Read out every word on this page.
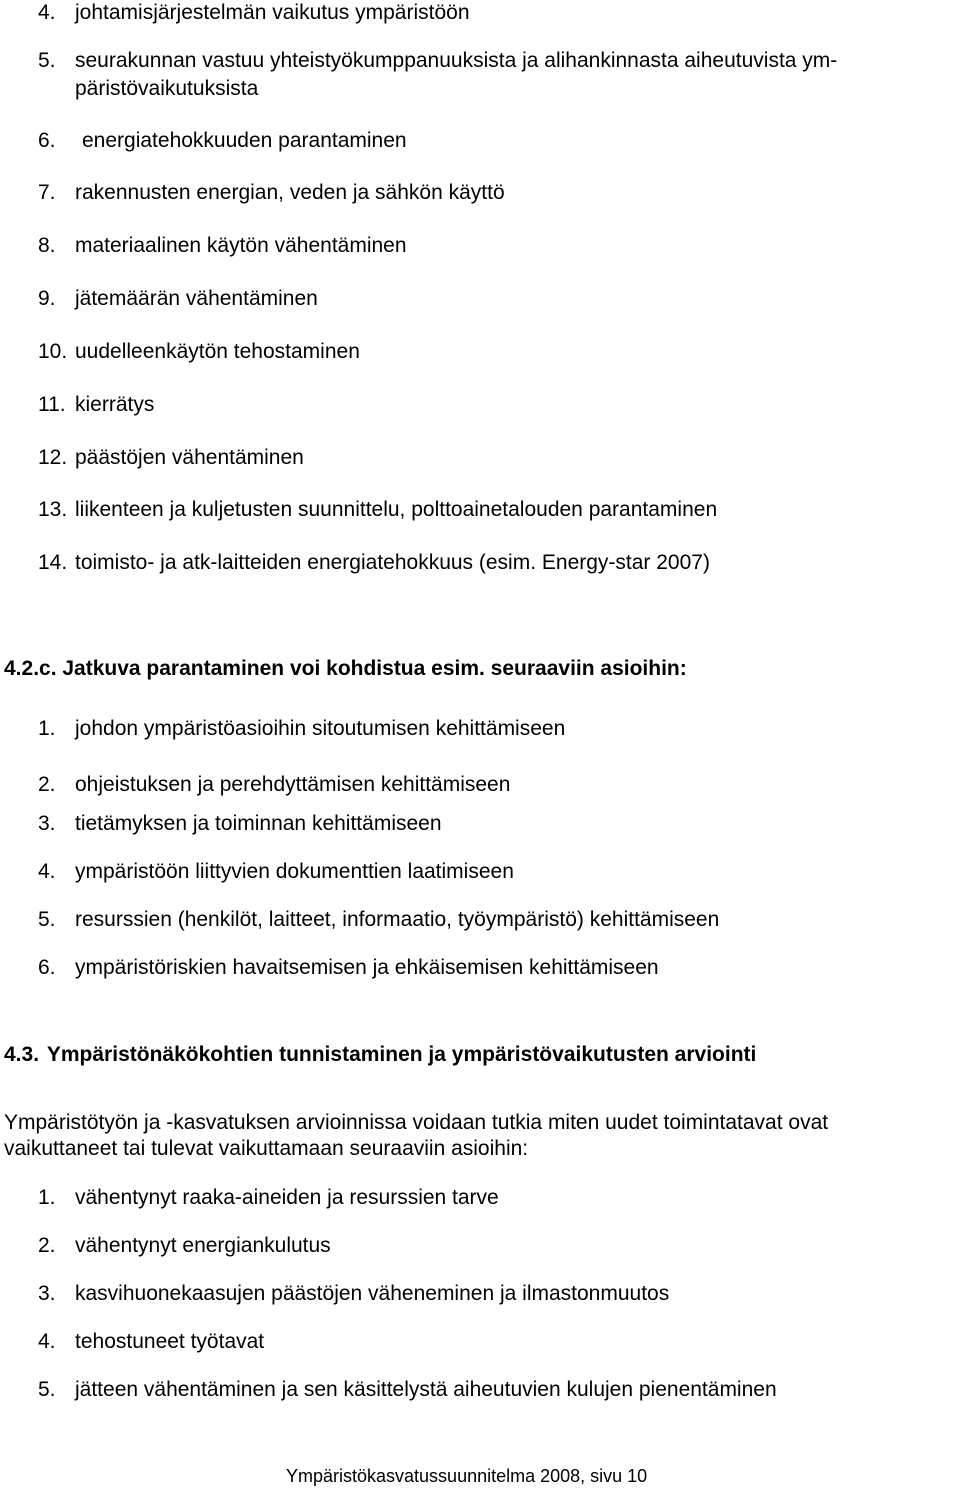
4. johtamisjärjestelmän vaikutus ympäristöön
5. seurakunnan vastuu yhteistyökumppanuuksista ja alihankinnasta aiheutuvista ym-
päristövaikutuksista
6. energiatehokkuuden parantaminen
7. rakennusten energian, veden ja sähkön käyttö
8. materiaalinen käytön vähentäminen
9. jätemäärän vähentäminen
10. uudelleenkäytön tehostaminen
11. kierrätys
12. päästöjen vähentäminen
13. liikenteen ja kuljetusten suunnittelu, polttoainetalouden parantaminen
14. toimisto- ja atk-laitteiden energiatehokkuus (esim. Energy-star 2007)
4.2.c. Jatkuva parantaminen voi kohdistua esim. seuraaviin asioihin:
1. johdon ympäristöasioihin sitoutumisen kehittämiseen
2. ohjeistuksen ja perehdyttämisen kehittämiseen
3. tietämyksen ja toiminnan kehittämiseen
4. ympäristöön liittyvien dokumenttien laatimiseen
5. resurssien (henkilöt, laitteet, informaatio, työympäristö) kehittämiseen
6. ympäristöriskien havaitsemisen ja ehkäisemisen kehittämiseen
4.3. Ympäristönäkökohtien tunnistaminen ja ympäristövaikutusten arviointi
Ympäristötyön ja -kasvatuksen arvioinnissa voidaan tutkia miten uudet toimintatavat ovat
vaikuttaneet tai tulevat vaikuttamaan seuraaviin asioihin:
1. vähentynyt raaka-aineiden ja resurssien tarve
2. vähentynyt energiankulutus
3. kasvihuonekaasujen päästöjen väheneminen ja ilmastonmuutos
4. tehostuneet työtavat
5. jätteen vähentäminen ja sen käsittelystä aiheutuvien kulujen pienentäminen
Ympäristökasvatussuunnitelma 2008, sivu 10
